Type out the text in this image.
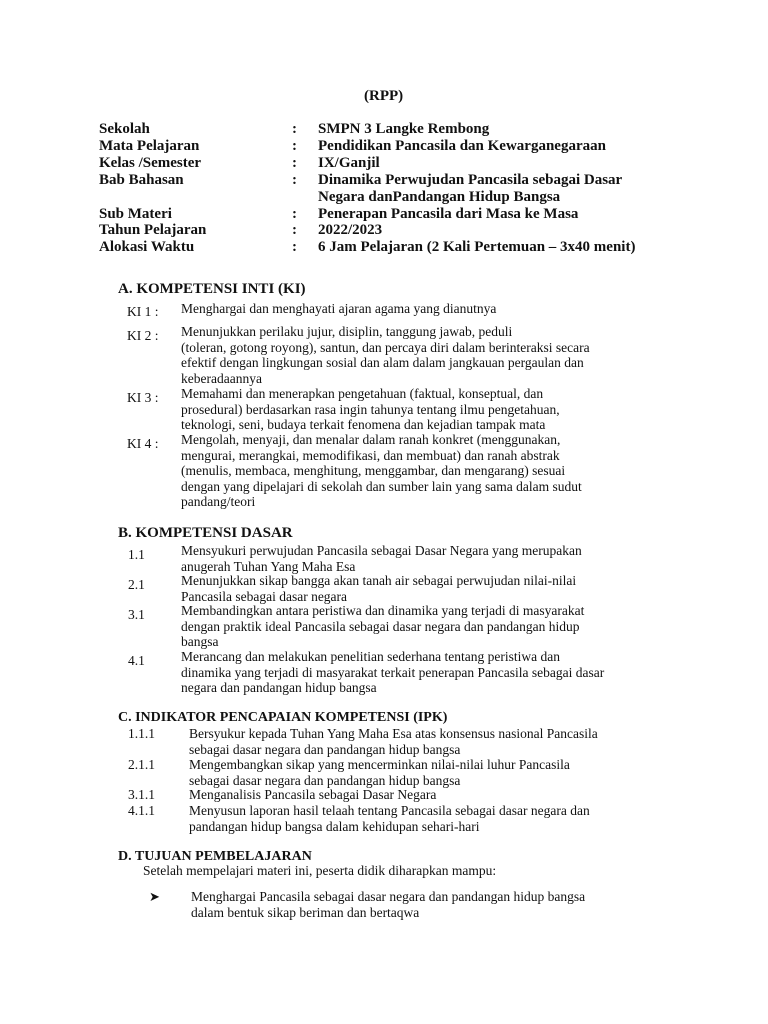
(RPP)
Sekolah	: SMPN 3 Langke Rembong
Mata Pelajaran	: Pendidikan Pancasila dan Kewarganegaraan
Kelas /Semester	: IX/Ganjil
Bab Bahasan	: Dinamika Perwujudan Pancasila sebagai Dasar
Negara danPandangan Hidup Bangsa
Sub Materi	: Penerapan Pancasila dari Masa ke Masa
Tahun Pelajaran	: 2022/2023
Alokasi Waktu	: 6 Jam Pelajaran (2 Kali Pertemuan – 3x40 menit)
A. KOMPETENSI INTI (KI)
KI 1 : Menghargai dan menghayati ajaran agama yang dianutnya
KI 2 : Menunjukkan perilaku jujur, disiplin, tanggung jawab, peduli
(toleran, gotong royong), santun, dan percaya diri dalam berinteraksi secara
efektif dengan lingkungan sosial dan alam dalam jangkauan pergaulan dan
keberadaannya
KI 3 : Memahami dan menerapkan pengetahuan (faktual, konseptual, dan
prosedural) berdasarkan rasa ingin tahunya tentang ilmu pengetahuan,
teknologi, seni, budaya terkait fenomena dan kejadian tampak mata
KI 4 : Mengolah, menyaji, dan menalar dalam ranah konkret (menggunakan,
mengurai, merangkai, memodifikasi, dan membuat) dan ranah abstrak
(menulis, membaca, menghitung, menggambar, dan mengarang) sesuai
dengan yang dipelajari di sekolah dan sumber lain yang sama dalam sudut
pandang/teori
B. KOMPETENSI DASAR
1.1	Mensyukuri perwujudan Pancasila sebagai Dasar Negara yang merupakan
anugerah Tuhan Yang Maha Esa
2.1	Menunjukkan sikap bangga akan tanah air sebagai perwujudan nilai-nilai
Pancasila sebagai dasar negara
3.1	Membandingkan antara peristiwa dan dinamika yang terjadi di masyarakat
dengan praktik ideal Pancasila sebagai dasar negara dan pandangan hidup
bangsa
4.1	Merancang dan melakukan penelitian sederhana tentang peristiwa dan
dinamika yang terjadi di masyarakat terkait penerapan Pancasila sebagai dasar
negara dan pandangan hidup bangsa
C. INDIKATOR PENCAPAIAN KOMPETENSI (IPK)
1.1.1	Bersyukur kepada Tuhan Yang Maha Esa atas konsensus nasional Pancasila
sebagai dasar negara dan pandangan hidup bangsa
2.1.1	Mengembangkan sikap yang mencerminkan nilai-nilai luhur Pancasila
sebagai dasar negara dan pandangan hidup bangsa
3.1.1	Menganalisis Pancasila sebagai Dasar Negara
4.1.1	Menyusun laporan hasil telaah tentang Pancasila sebagai dasar negara dan
pandangan hidup bangsa dalam kehidupan sehari-hari
D. TUJUAN PEMBELAJARAN
Setelah mempelajari materi ini, peserta didik diharapkan mampu:
➤ Menghargai Pancasila sebagai dasar negara dan pandangan hidup bangsa
dalam bentuk sikap beriman dan bertaqwa
